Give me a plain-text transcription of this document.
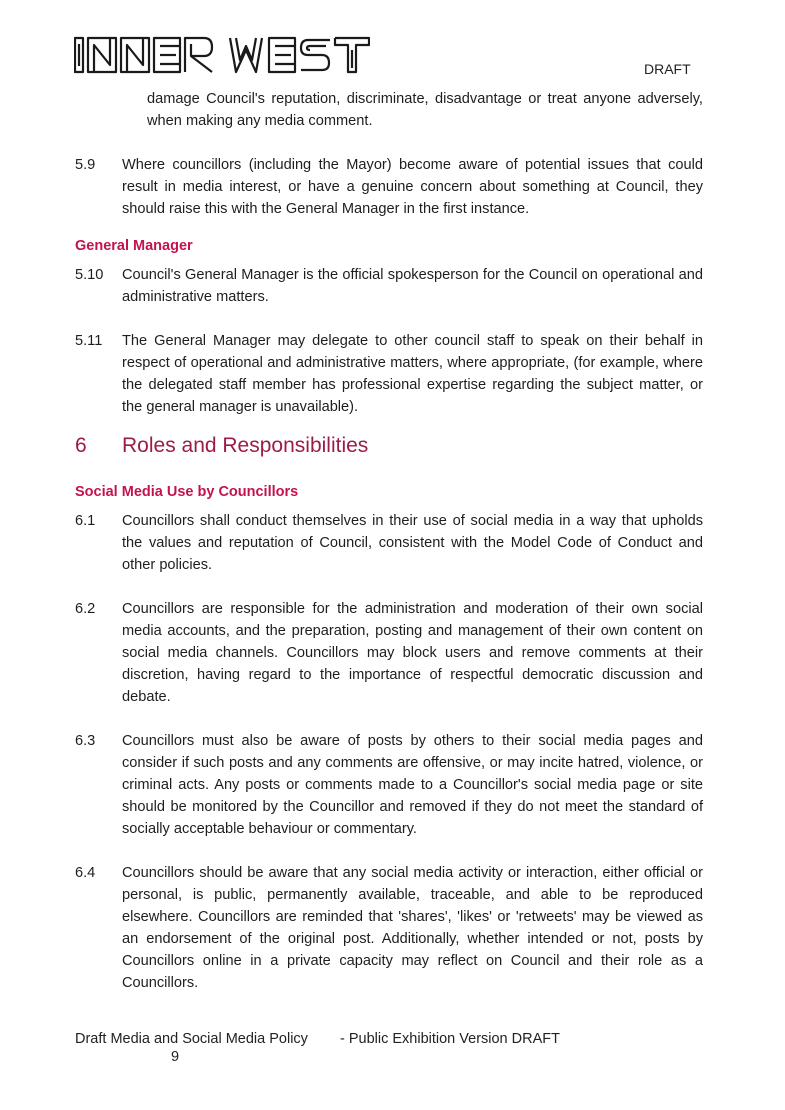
DRAFT
damage Council's reputation, discriminate, disadvantage or treat anyone adversely, when making any media comment.
5.9	Where councillors (including the Mayor) become aware of potential issues that could result in media interest, or have a genuine concern about something at Council, they should raise this with the General Manager in the first instance.
General Manager
5.10	Council's General Manager is the official spokesperson for the Council on operational and administrative matters.
5.11	The General Manager may delegate to other council staff to speak on their behalf in respect of operational and administrative matters, where appropriate, (for example, where the delegated staff member has professional expertise regarding the subject matter, or the general manager is unavailable).
6	Roles and Responsibilities
Social Media Use by Councillors
6.1	Councillors shall conduct themselves in their use of social media in a way that upholds the values and reputation of Council, consistent with the Model Code of Conduct and other policies.
6.2	Councillors are responsible for the administration and moderation of their own social media accounts, and the preparation, posting and management of their own content on social media channels. Councillors may block users and remove comments at their discretion, having regard to the importance of respectful democratic discussion and debate.
6.3	Councillors must also be aware of posts by others to their social media pages and consider if such posts and any comments are offensive, or may incite hatred, violence, or criminal acts. Any posts or comments made to a Councillor's social media page or site should be monitored by the Councillor and removed if they do not meet the standard of socially acceptable behaviour or commentary.
6.4	Councillors should be aware that any social media activity or interaction, either official or personal, is public, permanently available, traceable, and able to be reproduced elsewhere. Councillors are reminded that 'shares', 'likes' or 'retweets' may be viewed as an endorsement of the original post. Additionally, whether intended or not, posts by Councillors online in a private capacity may reflect on Council and their role as a Councillors.
Draft Media and Social Media Policy - Public Exhibition Version DRAFT
9
